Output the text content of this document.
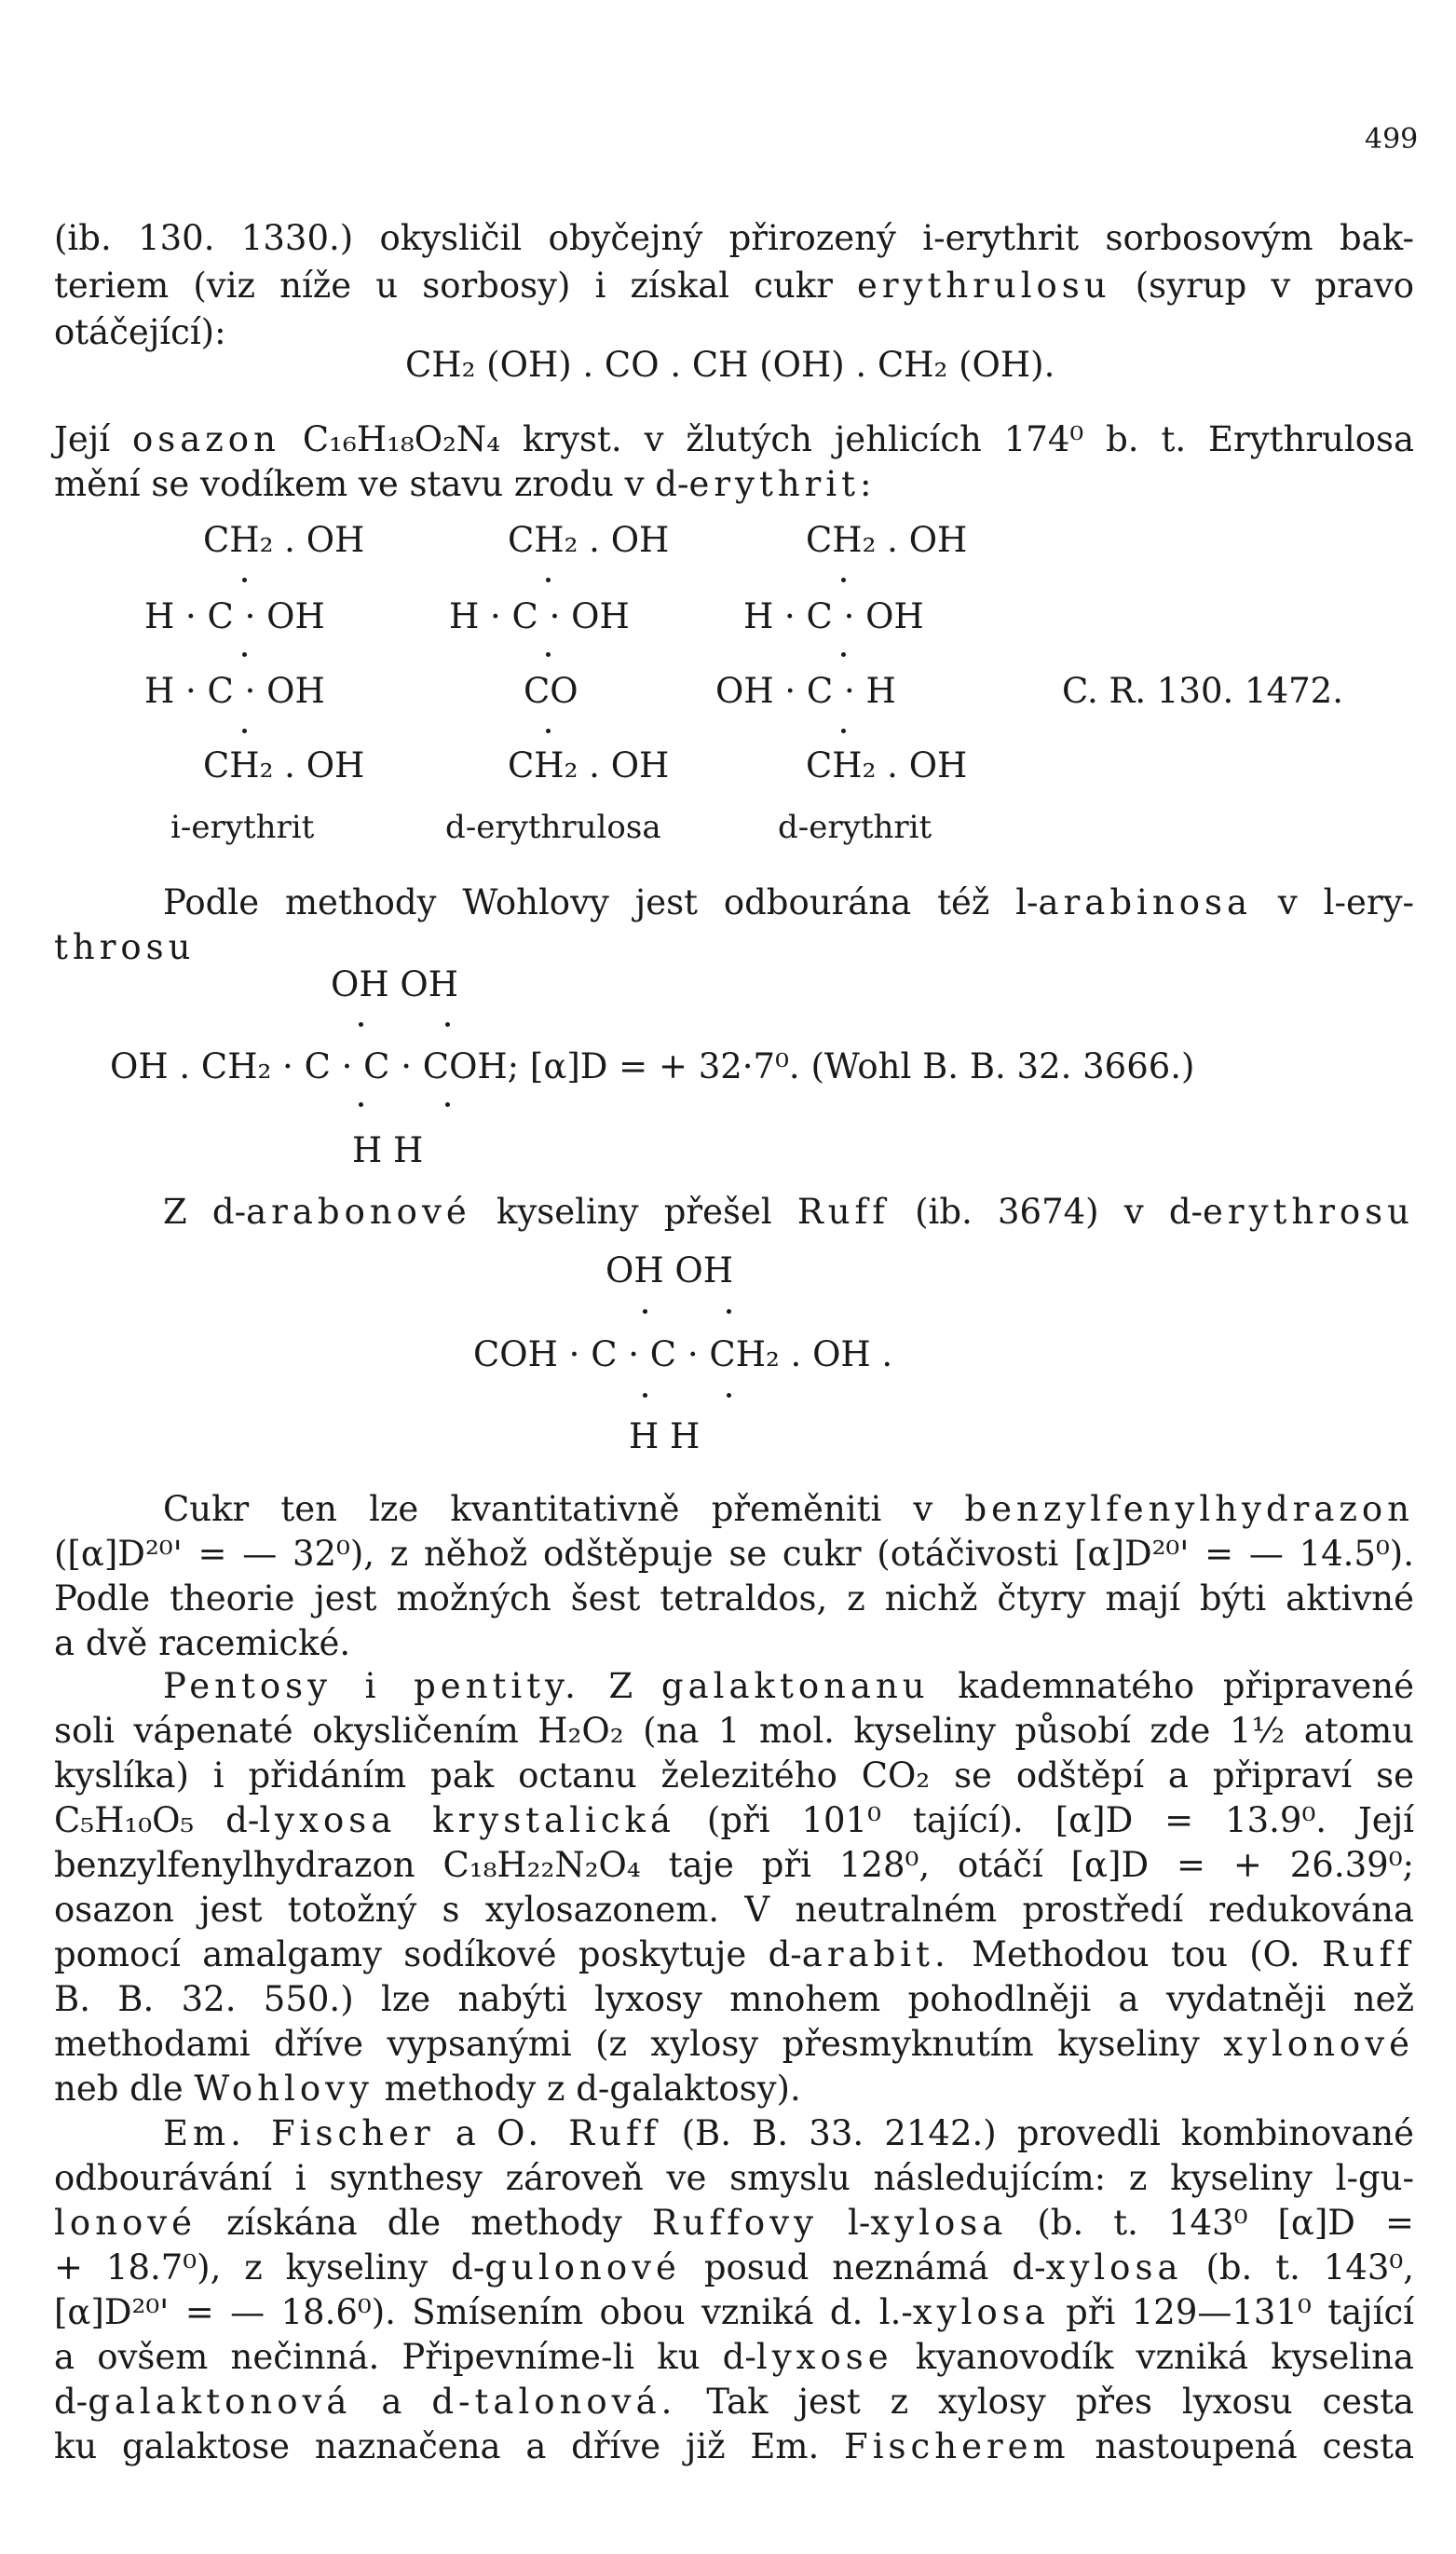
499
(ib. 130. 1330.) okysličil obyčejný přirozený i-erythrit sorbosovým bak-
teriem (viz níže u sorbosy) i získal cukr erythrulosu (syrup v pravo
otáčející):
CH₂ (OH) . CO . CH (OH) . CH₂ (OH).
Její osazon C₁₆H₁₈O₂N₄ kryst. v žlutých jehlicích 174⁰ b. t. Erythrulosa
mění se vodíkem ve stavu zrodu v d-erythrit:
CH₂ . OH
H · C · OH
H · C · OH
CH₂ . OH
i-erythrit
CH₂ . OH
H · C · OH
CO
CH₂ . OH
d-erythrulosa
CH₂ . OH
H · C · OH
OH · C · H
CH₂ . OH
d-erythrit
C. R. 130. 1472.
Podle methody Wohlovy jest odbourána též l-arabinosa v l-ery-
throsu
OH OH
OH . CH₂ · C · C · COH; [α]D = + 32·7⁰. (Wohl B. B. 32. 3666.)
H H
Z d-arabonové kyseliny přešel Ruff (ib. 3674) v d-erythrosu
OH OH
COH · C · C · CH₂ . OH .
H H
Cukr ten lze kvantitativně přeměniti v benzylfenylhydrazon
([α]D²⁰' = — 32⁰), z něhož odštěpuje se cukr (otáčivosti [α]D²⁰' = — 14.5⁰).
Podle theorie jest možných šest tetraldos, z nichž čtyry mají býti aktivné
a dvě racemické.
Pentosy i pentity. Z galaktonanu kademnatého připravené
soli vápenaté okysličením H₂O₂ (na 1 mol. kyseliny působí zde 1½ atomu
kyslíka) i přidáním pak octanu železitého CO₂ se odštěpí a připraví se
C₅H₁₀O₅ d-lyxosa krystalická (při 101⁰ tající). [α]D = 13.9⁰. Její
benzylfenylhydrazon C₁₈H₂₂N₂O₄ taje při 128⁰, otáčí [α]D = + 26.39⁰;
osazon jest totožný s xylosazonem. V neutralném prostředí redukována
pomocí amalgamy sodíkové poskytuje d-arabit. Methodou tou (O. Ruff
B. B. 32. 550.) lze nabýti lyxosy mnohem pohodlněji a vydatněji než
methodami dříve vypsanými (z xylosy přesmyknutím kyseliny xylonové
neb dle Wohlovy methody z d-galaktosy).
Em. Fischer a O. Ruff (B. B. 33. 2142.) provedli kombinované
odbourávání i synthesy zároveň ve smyslu následujícím: z kyseliny l-gu-
lonové získána dle methody Ruffovy l-xylosa (b. t. 143⁰ [α]D =
+ 18.7⁰), z kyseliny d-gulonové posud neznámá d-xylosa (b. t. 143⁰,
[α]D²⁰' = — 18.6⁰). Smísením obou vzniká d. l.-xylosa při 129—131⁰ tající
a ovšem nečinná. Připevníme-li ku d-lyxose kyanovodík vzniká kyselina
d-galaktonová a d-talonová. Tak jest z xylosy přes lyxosu cesta
ku galaktose naznačena a dříve již Em. Fischerem nastoupená cesta
